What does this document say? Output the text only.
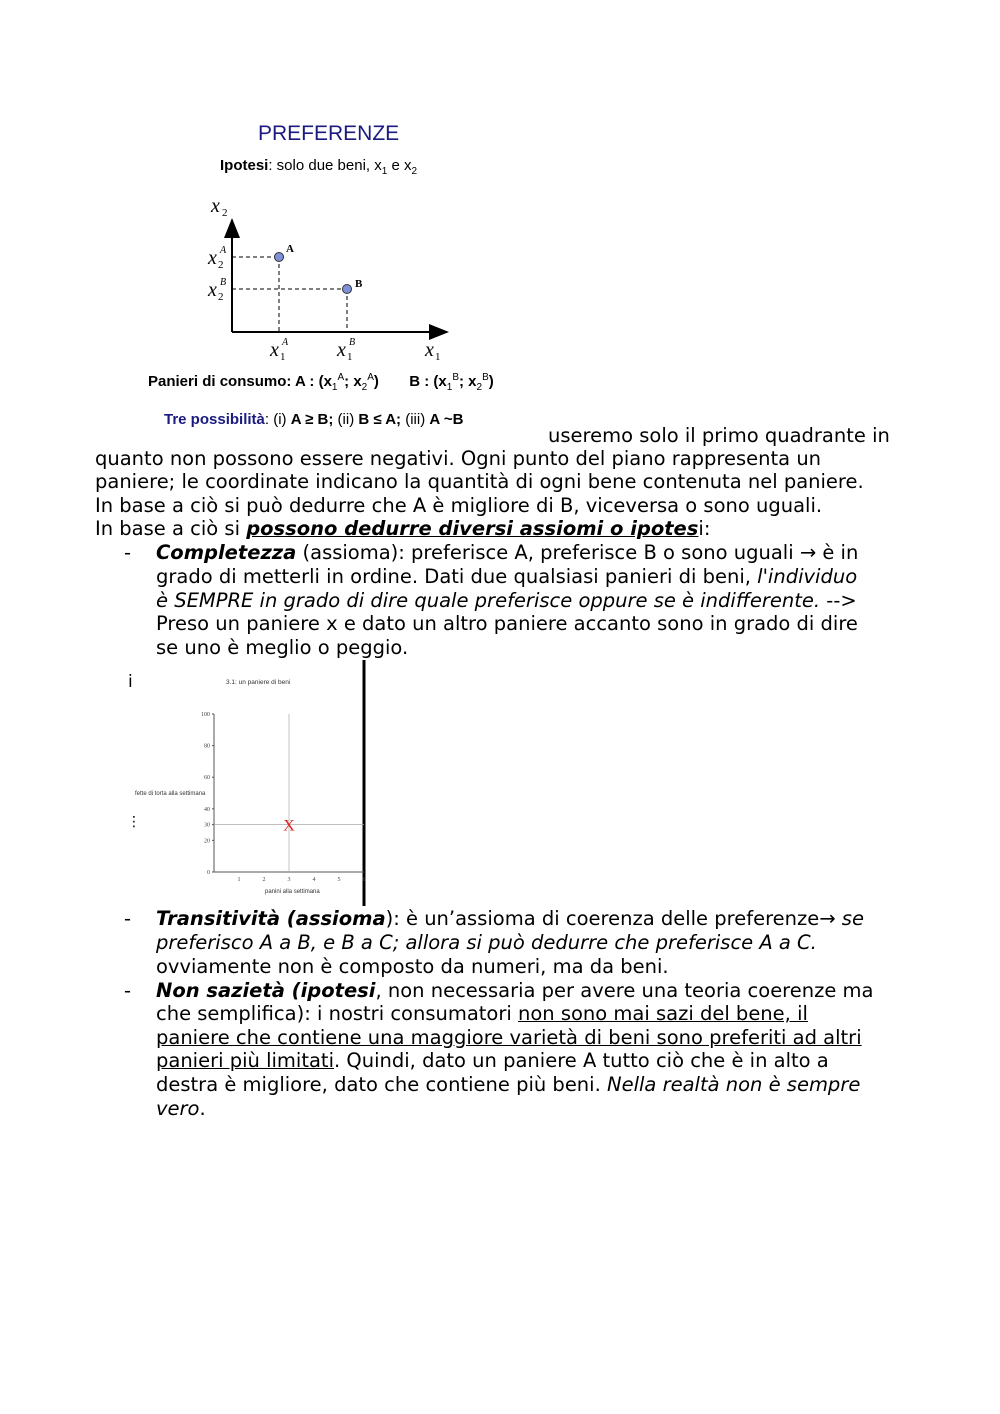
PREFERENZE
Ipotesi: solo due beni, $x_1$ e $x_2$
A
B
x 2
x 2
A
x 2
B
x 1
A x 1
B	x 1
Panieri di consumo: A : ($x_1^A$; $x_2^A$) B : ($x_1^B$; $x_2^B$)
Tre possibilità: (i) A ≥ B; (ii) B ≤ A; (iii) A ~B
useremo solo il primo quadrante in
quanto non possono essere negativi. Ogni punto del piano rappresenta un
paniere; le coordinate indicano la quantità di ogni bene contenuta nel paniere.
In base a ciò si può dedurre che A è migliore di B, viceversa o sono uguali.
In base a ciò si possono dedurre diversi assiomi o ipotesi:
- Completezza (assioma): preferisce A, preferisce B o sono uguali → è in
grado di metterli in ordine. Dati due qualsiasi panieri di beni, l'individuo
è SEMPRE in grado di dire quale preferisce oppure se è indifferente. -->
Preso un paniere x e dato un altro paniere accanto sono in grado di dire
se uno è meglio o peggio.
i
⋮
3.1: un paniere di beni
fette di torta alla settimana
panini alla settimana
100
80
60
40
30
20
0
1	2	3	4	5	6
X
- Transitività (assioma): è un’assioma di coerenza delle preferenze→ se
preferisco A a B, e B a C; allora si può dedurre che preferisce A a C.
ovviamente non è composto da numeri, ma da beni.
- Non sazietà (ipotesi, non necessaria per avere una teoria coerenze ma
che semplifica): i nostri consumatori non sono mai sazi del bene, il
paniere che contiene una maggiore varietà di beni sono preferiti ad altri
panieri più limitati. Quindi, dato un paniere A tutto ciò che è in alto a
destra è migliore, dato che contiene più beni. Nella realtà non è sempre
vero.
